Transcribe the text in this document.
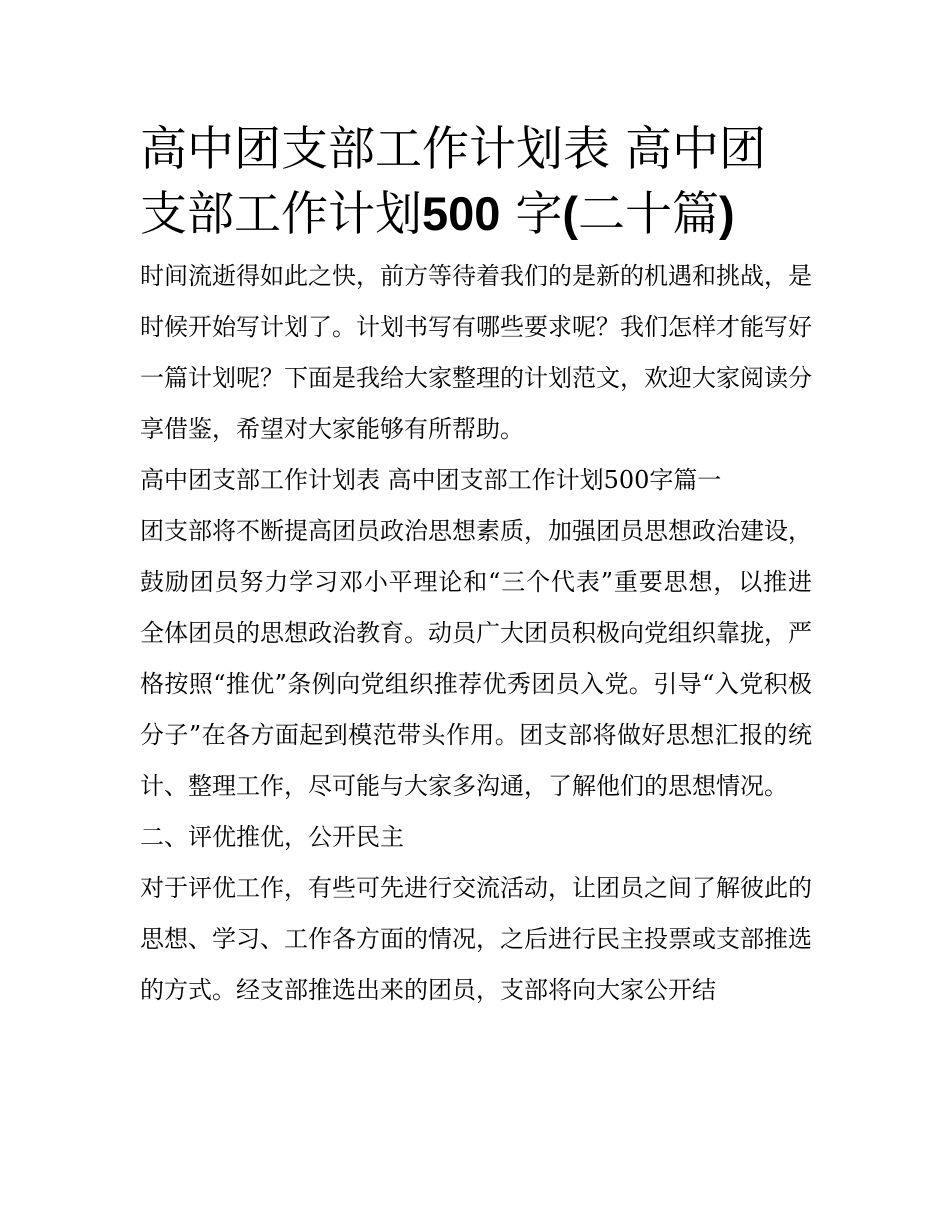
高中团支部工作计划表 高中团支部工作计划500 字(二十篇)

时间流逝得如此之快，前方等待着我们的是新的机遇和挑战，是时候开始写计划了。计划书写有哪些要求呢？我们怎样才能写好一篇计划呢？下面是我给大家整理的计划范文，欢迎大家阅读分享借鉴，希望对大家能够有所帮助。

高中团支部工作计划表 高中团支部工作计划500字篇一

团支部将不断提高团员政治思想素质，加强团员思想政治建设，鼓励团员努力学习邓小平理论和“三个代表”重要思想，以推进全体团员的思想政治教育。动员广大团员积极向党组织靠拢，严格按照“推优”条例向党组织推荐优秀团员入党。引导“入党积极分子”在各方面起到模范带头作用。团支部将做好思想汇报的统计、整理工作，尽可能与大家多沟通，了解他们的思想情况。

二、评优推优，公开民主

对于评优工作，有些可先进行交流活动，让团员之间了解彼此的思想、学习、工作各方面的情况，之后进行民主投票或支部推选的方式。经支部推选出来的团员，支部将向大家公开结
